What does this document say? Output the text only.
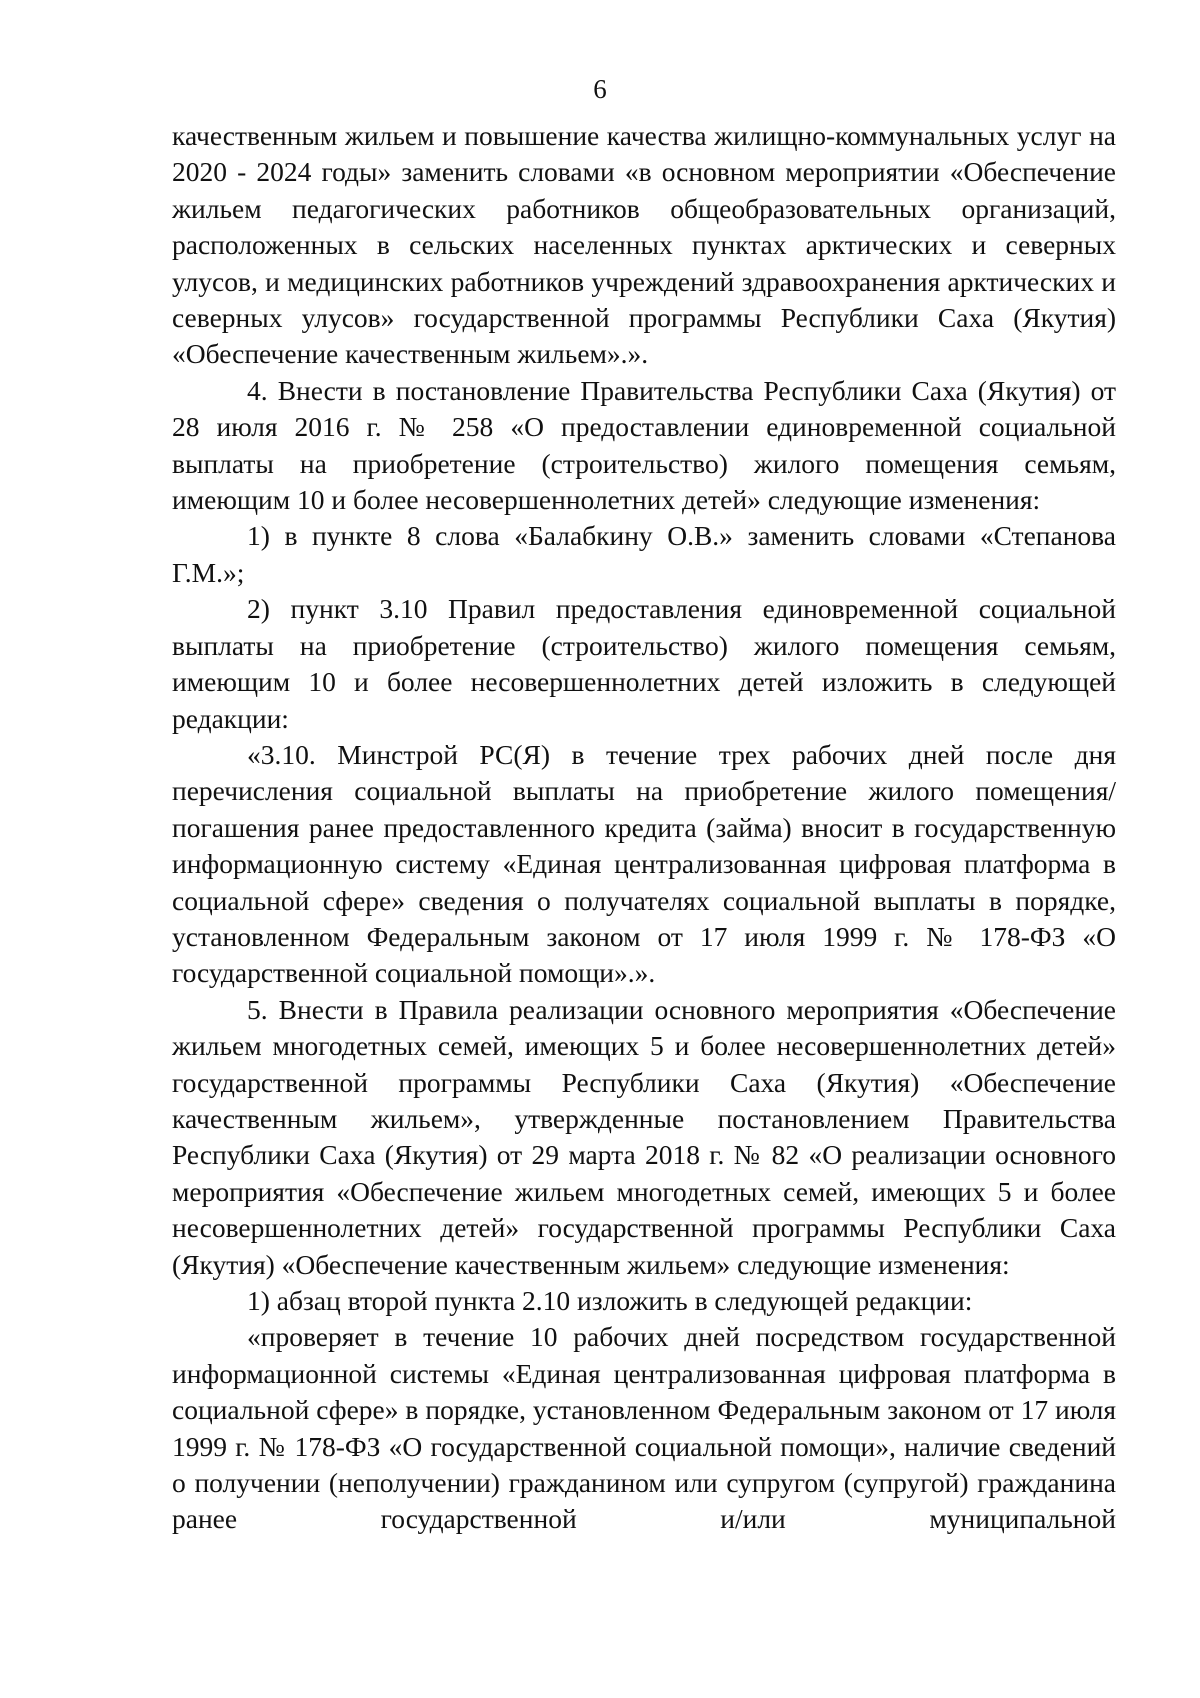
6

качественным жильем и повышение качества жилищно-коммунальных услуг на 2020 - 2024 годы» заменить словами «в основном мероприятии «Обеспечение жильем педагогических работников общеобразовательных организаций, расположенных в сельских населенных пунктах арктических и северных улусов, и медицинских работников учреждений здравоохранения арктических и северных улусов» государственной программы Республики Саха (Якутия) «Обеспечение качественным жильем».».

4. Внести в постановление Правительства Республики Саха (Якутия) от 28 июля 2016 г. № 258 «О предоставлении единовременной социальной выплаты на приобретение (строительство) жилого помещения семьям, имеющим 10 и более несовершеннолетних детей» следующие изменения:

1) в пункте 8 слова «Балабкину О.В.» заменить словами «Степанова Г.М.»;

2) пункт 3.10 Правил предоставления единовременной социальной выплаты на приобретение (строительство) жилого помещения семьям, имеющим 10 и более несовершеннолетних детей изложить в следующей редакции:

«3.10. Минстрой РС(Я) в течение трех рабочих дней после дня перечисления социальной выплаты на приобретение жилого помещения/погашения ранее предоставленного кредита (займа) вносит в государственную информационную систему «Единая централизованная цифровая платформа в социальной сфере» сведения о получателях социальной выплаты в порядке, установленном Федеральным законом от 17 июля 1999 г. № 178-ФЗ «О государственной социальной помощи».».

5. Внести в Правила реализации основного мероприятия «Обеспечение жильем многодетных семей, имеющих 5 и более несовершеннолетних детей» государственной программы Республики Саха (Якутия) «Обеспечение качественным жильем», утвержденные постановлением Правительства Республики Саха (Якутия) от 29 марта 2018 г. № 82 «О реализации основного мероприятия «Обеспечение жильем многодетных семей, имеющих 5 и более несовершеннолетних детей» государственной программы Республики Саха (Якутия) «Обеспечение качественным жильем» следующие изменения:

1) абзац второй пункта 2.10 изложить в следующей редакции:

«проверяет в течение 10 рабочих дней посредством государственной информационной системы «Единая централизованная цифровая платформа в социальной сфере» в порядке, установленном Федеральным законом от 17 июля 1999 г. № 178-ФЗ «О государственной социальной помощи», наличие сведений о получении (неполучении) гражданином или супругом (супругой) гражданина ранее государственной и/или муниципальной
